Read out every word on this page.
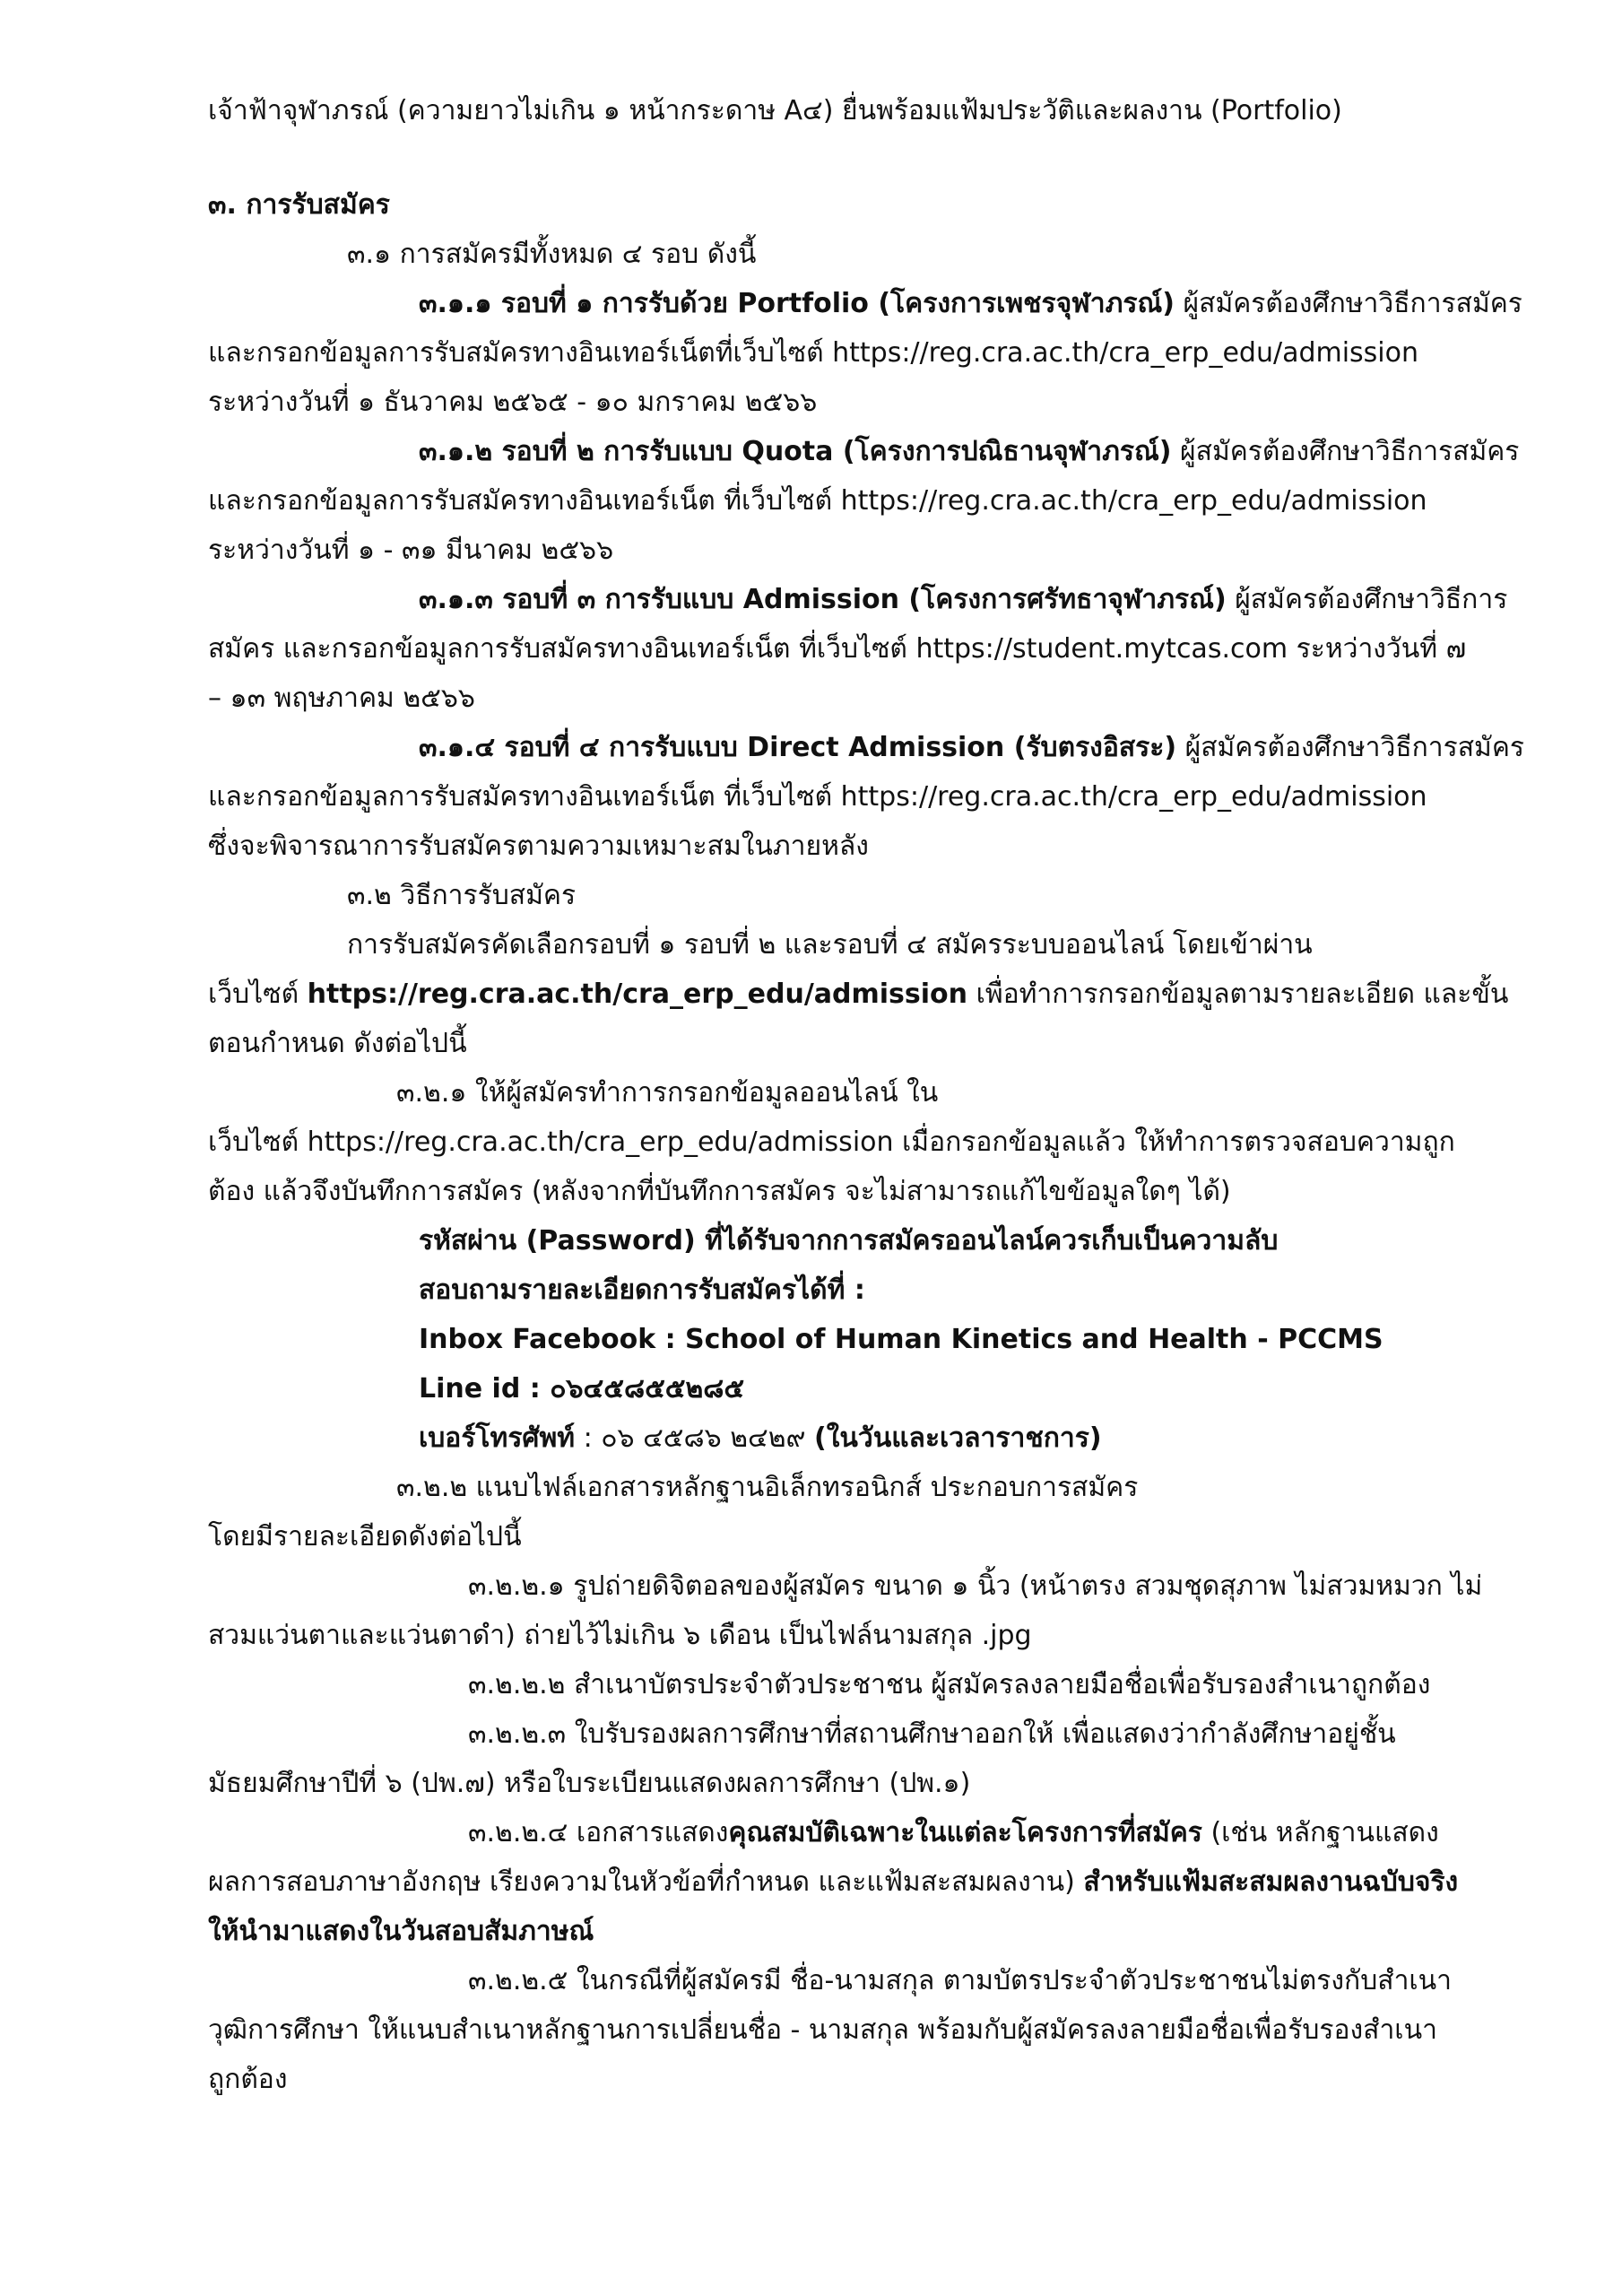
เจ้าฟ้าจุฬาภรณ์ (ความยาวไม่เกิน ๑ หน้ากระดาษ A๔) ยื่นพร้อมแฟ้มประวัติและผลงาน (Portfolio)
๓. การรับสมัคร
๓.๑ การสมัครมีทั้งหมด ๔ รอบ ดังนี้
๓.๑.๑ รอบที่ ๑ การรับด้วย Portfolio (โครงการเพชรจุฬาภรณ์) ผู้สมัครต้องศึกษาวิธีการสมัคร
และกรอกข้อมูลการรับสมัครทางอินเทอร์เน็ตที่เว็บไซต์ https://reg.cra.ac.th/cra_erp_edu/admission
ระหว่างวันที่ ๑ ธันวาคม ๒๕๖๕ - ๑๐ มกราคม ๒๕๖๖
๓.๑.๒ รอบที่ ๒ การรับแบบ Quota (โครงการปณิธานจุฬาภรณ์) ผู้สมัครต้องศึกษาวิธีการสมัคร
และกรอกข้อมูลการรับสมัครทางอินเทอร์เน็ต ที่เว็บไซต์ https://reg.cra.ac.th/cra_erp_edu/admission
ระหว่างวันที่ ๑ - ๓๑ มีนาคม ๒๕๖๖
๓.๑.๓ รอบที่ ๓ การรับแบบ Admission (โครงการศรัทธาจุฬาภรณ์) ผู้สมัครต้องศึกษาวิธีการ
สมัคร และกรอกข้อมูลการรับสมัครทางอินเทอร์เน็ต ที่เว็บไซต์ https://student.mytcas.com ระหว่างวันที่ ๗
– ๑๓ พฤษภาคม ๒๕๖๖
๓.๑.๔ รอบที่ ๔ การรับแบบ Direct Admission (รับตรงอิสระ) ผู้สมัครต้องศึกษาวิธีการสมัคร
และกรอกข้อมูลการรับสมัครทางอินเทอร์เน็ต ที่เว็บไซต์ https://reg.cra.ac.th/cra_erp_edu/admission
ซึ่งจะพิจารณาการรับสมัครตามความเหมาะสมในภายหลัง
๓.๒ วิธีการรับสมัคร
การรับสมัครคัดเลือกรอบที่ ๑ รอบที่ ๒ และรอบที่ ๔ สมัครระบบออนไลน์ โดยเข้าผ่าน
เว็บไซต์ https://reg.cra.ac.th/cra_erp_edu/admission เพื่อทำการกรอกข้อมูลตามรายละเอียด และขั้น
ตอนกำหนด ดังต่อไปนี้
๓.๒.๑ ให้ผู้สมัครทำการกรอกข้อมูลออนไลน์ ใน
เว็บไซต์ https://reg.cra.ac.th/cra_erp_edu/admission เมื่อกรอกข้อมูลแล้ว ให้ทำการตรวจสอบความถูก
ต้อง แล้วจึงบันทึกการสมัคร (หลังจากที่บันทึกการสมัคร จะไม่สามารถแก้ไขข้อมูลใดๆ ได้)
รหัสผ่าน (Password) ที่ได้รับจากการสมัครออนไลน์ควรเก็บเป็นความลับ
สอบถามรายละเอียดการรับสมัครได้ที่ :
Inbox Facebook : School of Human Kinetics and Health - PCCMS
Line id : ๐๖๔๕๘๕๕๒๘๕
เบอร์โทรศัพท์ : ๐๖ ๔๕๘๖ ๒๔๒๙ (ในวันและเวลาราชการ)
๓.๒.๒ แนบไฟล์เอกสารหลักฐานอิเล็กทรอนิกส์ ประกอบการสมัคร
โดยมีรายละเอียดดังต่อไปนี้
๓.๒.๒.๑ รูปถ่ายดิจิตอลของผู้สมัคร ขนาด ๑ นิ้ว (หน้าตรง สวมชุดสุภาพ ไม่สวมหมวก ไม่
สวมแว่นตาและแว่นตาดำ) ถ่ายไว้ไม่เกิน ๖ เดือน เป็นไฟล์นามสกุล .jpg
๓.๒.๒.๒ สำเนาบัตรประจำตัวประชาชน ผู้สมัครลงลายมือชื่อเพื่อรับรองสำเนาถูกต้อง
๓.๒.๒.๓ ใบรับรองผลการศึกษาที่สถานศึกษาออกให้ เพื่อแสดงว่ากำลังศึกษาอยู่ชั้น
มัธยมศึกษาปีที่ ๖ (ปพ.๗) หรือใบระเบียนแสดงผลการศึกษา (ปพ.๑)
๓.๒.๒.๔ เอกสารแสดงคุณสมบัติเฉพาะในแต่ละโครงการที่สมัคร (เช่น หลักฐานแสดง
ผลการสอบภาษาอังกฤษ เรียงความในหัวข้อที่กำหนด และแฟ้มสะสมผลงาน) สำหรับแฟ้มสะสมผลงานฉบับจริง
ให้นำมาแสดงในวันสอบสัมภาษณ์
๓.๒.๒.๕ ในกรณีที่ผู้สมัครมี ชื่อ-นามสกุล ตามบัตรประจำตัวประชาชนไม่ตรงกับสำเนา
วุฒิการศึกษา ให้แนบสำเนาหลักฐานการเปลี่ยนชื่อ - นามสกุล พร้อมกับผู้สมัครลงลายมือชื่อเพื่อรับรองสำเนา
ถูกต้อง
